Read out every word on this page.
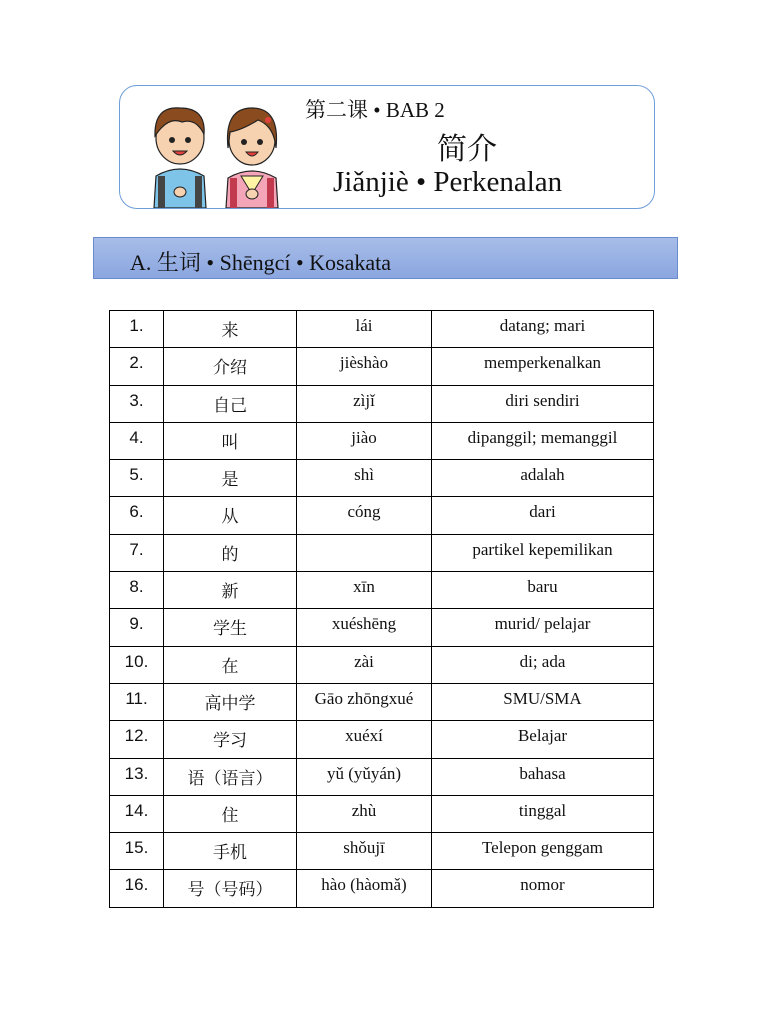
第二课 • BAB 2
简介
Jiǎnjiè • Perkenalan
A. 生词 • Shēngcí • Kosakata
1.	来	lái	datang; mari
2.	介绍	jièshào	memperkenalkan
3.	自己	zìjǐ	diri sendiri
4.	叫	jiào	dipanggil; memanggil
5.	是	shì	adalah
6.	从	cóng	dari
7.	的		partikel kepemilikan
8.	新	xīn	baru
9.	学生	xuéshēng	murid/ pelajar
10.	在	zài	di; ada
11.	高中学	Gāo zhōngxué	SMU/SMA
12.	学习	xuéxí	Belajar
13.	语（语言）	yǔ (yǔyán)	bahasa
14.	住	zhù	tinggal
15.	手机	shǒujī	Telepon genggam
16.	号（号码）	hào (hàomǎ)	nomor
